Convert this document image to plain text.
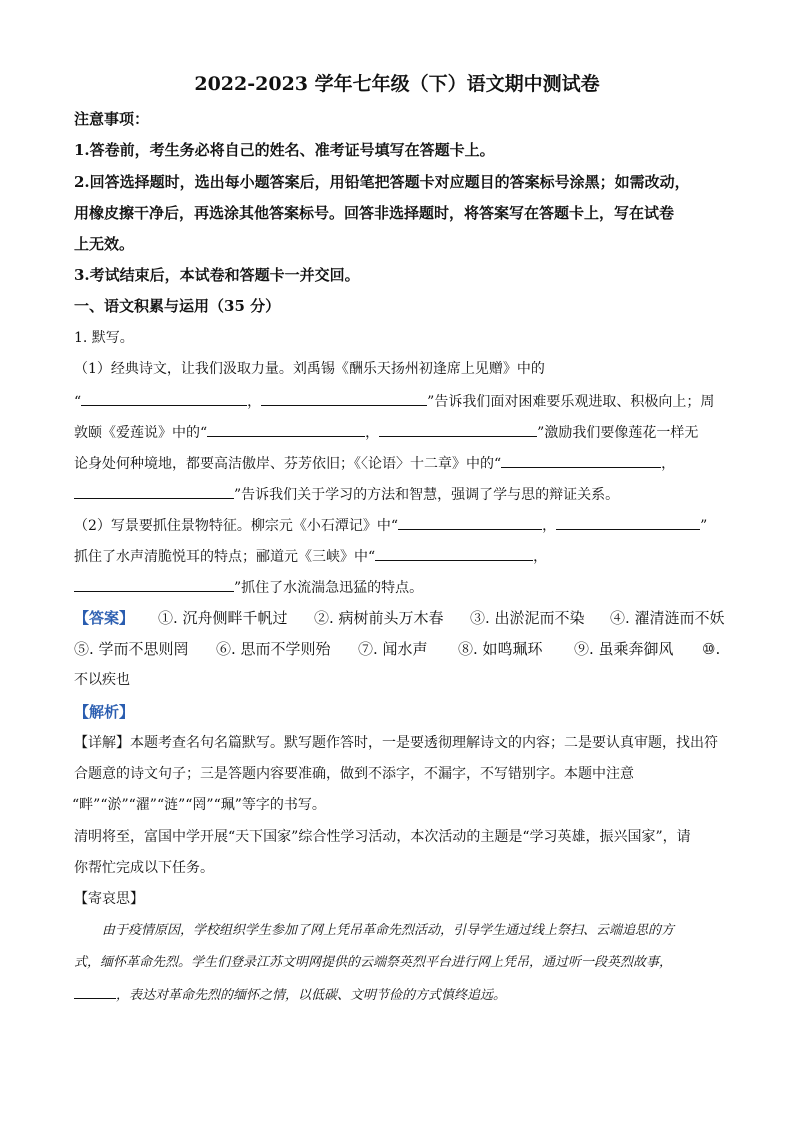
2022-2023 学年七年级（下）语文期中测试卷
注意事项：
1.答卷前，考生务必将自己的姓名、准考证号填写在答题卡上。
2.回答选择题时，选出每小题答案后，用铅笔把答题卡对应题目的答案标号涂黑；如需改动，
用橡皮擦干净后，再选涂其他答案标号。回答非选择题时，将答案写在答题卡上，写在试卷
上无效。
3.考试结束后，本试卷和答题卡一并交回。
一、语文积累与运用（35 分）
1. 默写。
（1）经典诗文，让我们汲取力量。刘禹锡《酬乐天扬州初逢席上见赠》中的
“	，	”告诉我们面对困难要乐观进取、积极向上；周
敦颐《爱莲说》中的“	，	”激励我们要像莲花一样无
论身处何种境地，都要高洁傲岸、芬芳依旧；《〈论语〉十二章》中的“	，
”告诉我们关于学习的方法和智慧，强调了学与思的辩证关系。
（2）写景要抓住景物特征。柳宗元《小石潭记》中“	，	”
抓住了水声清脆悦耳的特点；郦道元《三峡》中“	，
”抓住了水流湍急迅猛的特点。
【答案】 ①. 沉舟侧畔千帆过 ②. 病树前头万木春 ③. 出淤泥而不染 ④. 濯清涟而不妖
⑤. 学而不思则罔 ⑥. 思而不学则殆 ⑦. 闻水声 ⑧. 如鸣珮环 ⑨. 虽乘奔御风 ⑩.
不以疾也
【解析】
【详解】本题考查名句名篇默写。默写题作答时，一是要透彻理解诗文的内容；二是要认真审题，找出符
合题意的诗文句子；三是答题内容要准确，做到不添字，不漏字，不写错别字。本题中注意
“畔”“淤”“濯”“涟”“罔”“珮”等字的书写。
清明将至，富国中学开展“天下国家”综合性学习活动，本次活动的主题是“学习英雄，振兴国家”，请
你帮忙完成以下任务。
【寄哀思】
由于疫情原因，学校组织学生参加了网上凭吊革命先烈活动，引导学生通过线上祭扫、云端追思的方
式，缅怀革命先烈。学生们登录江苏文明网提供的云端祭英烈平台进行网上凭吊，通过听一段英烈故事，
，表达对革命先烈的缅怀之情，以低碳、文明节俭的方式慎终追远。
